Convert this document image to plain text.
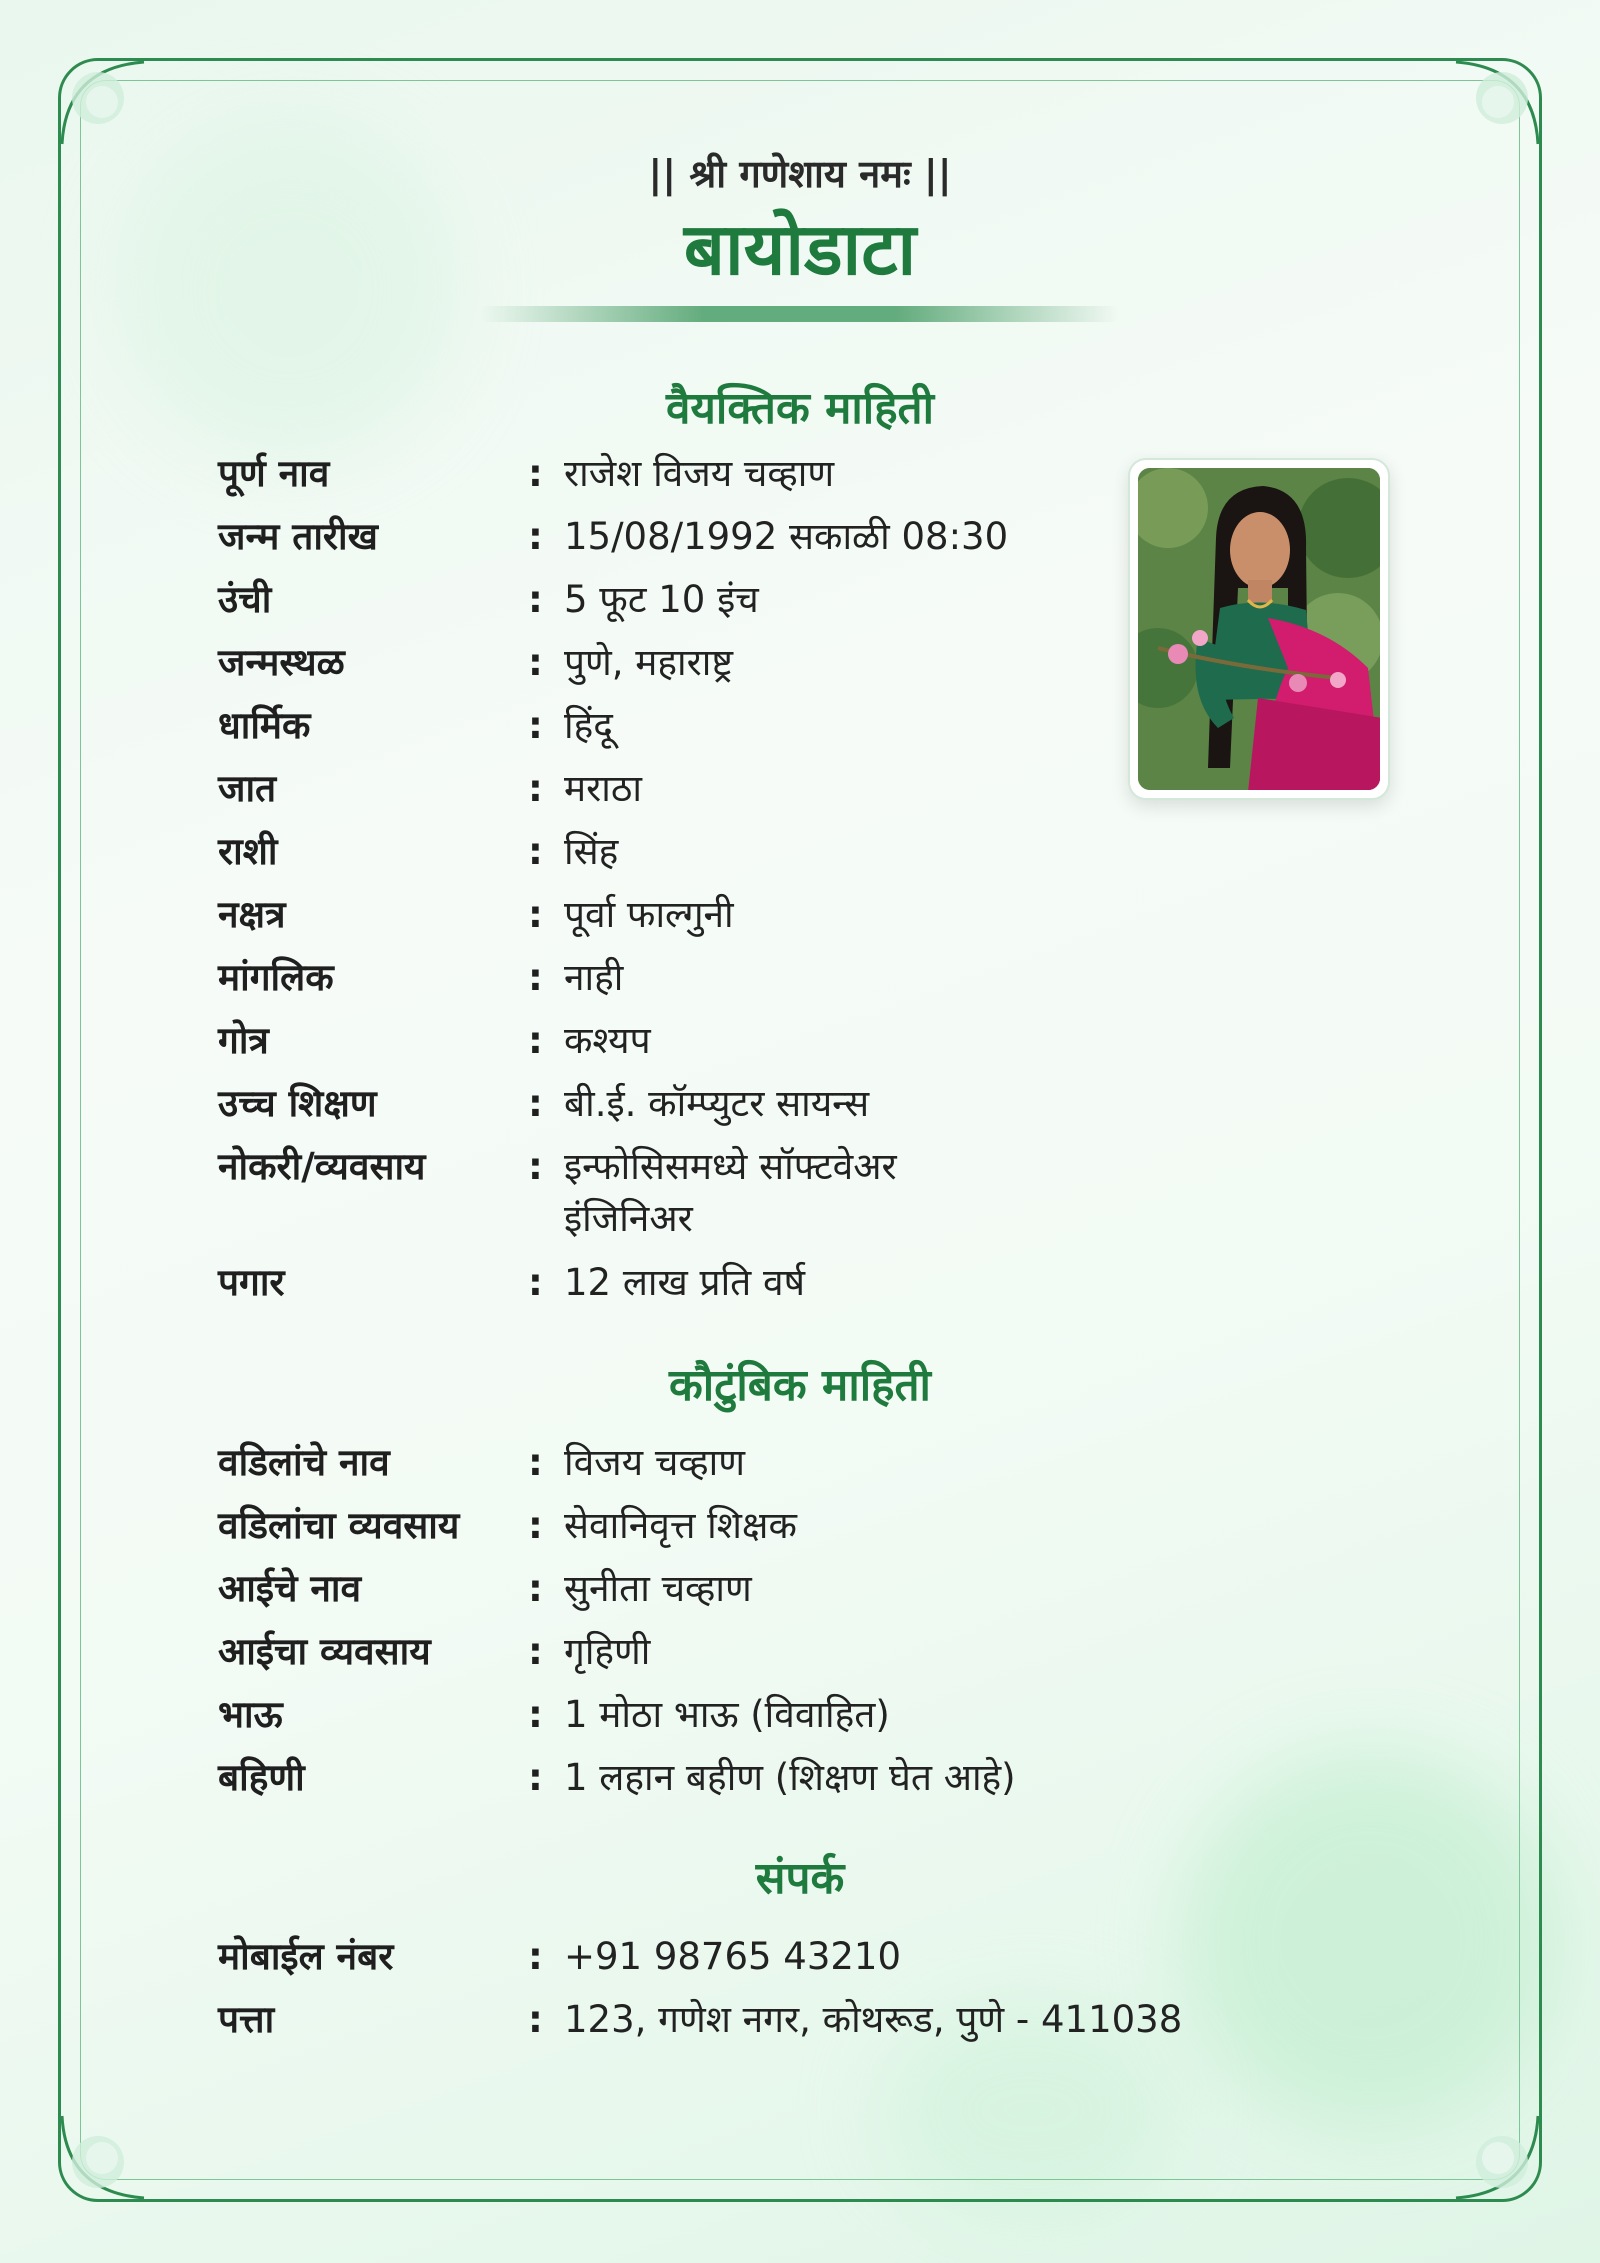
|| श्री गणेशाय नमः ||
बायोडाटा
वैयक्तिक माहिती
पूर्ण नाव	: राजेश विजय चव्हाण
जन्म तारीख	: 15/08/1992 सकाळी 08:30
उंची	: 5 फूट 10 इंच
जन्मस्थळ	: पुणे, महाराष्ट्र
धार्मिक	: हिंदू
जात	: मराठा
राशी	: सिंह
नक्षत्र	: पूर्वा फाल्गुनी
मांगलिक	: नाही
गोत्र	: कश्यप
उच्च शिक्षण	: बी.ई. कॉम्प्युटर सायन्स
नोकरी/व्यवसाय	: इन्फोसिसमध्ये सॉफ्टवेअर इंजिनिअर
पगार	: 12 लाख प्रति वर्ष
कौटुंबिक माहिती
वडिलांचे नाव	: विजय चव्हाण
वडिलांचा व्यवसाय	: सेवानिवृत्त शिक्षक
आईचे नाव	: सुनीता चव्हाण
आईचा व्यवसाय	: गृहिणी
भाऊ	: 1 मोठा भाऊ (विवाहित)
बहिणी	: 1 लहान बहीण (शिक्षण घेत आहे)
संपर्क
मोबाईल नंबर	: +91 98765 43210
पत्ता	: 123, गणेश नगर, कोथरूड, पुणे - 411038
